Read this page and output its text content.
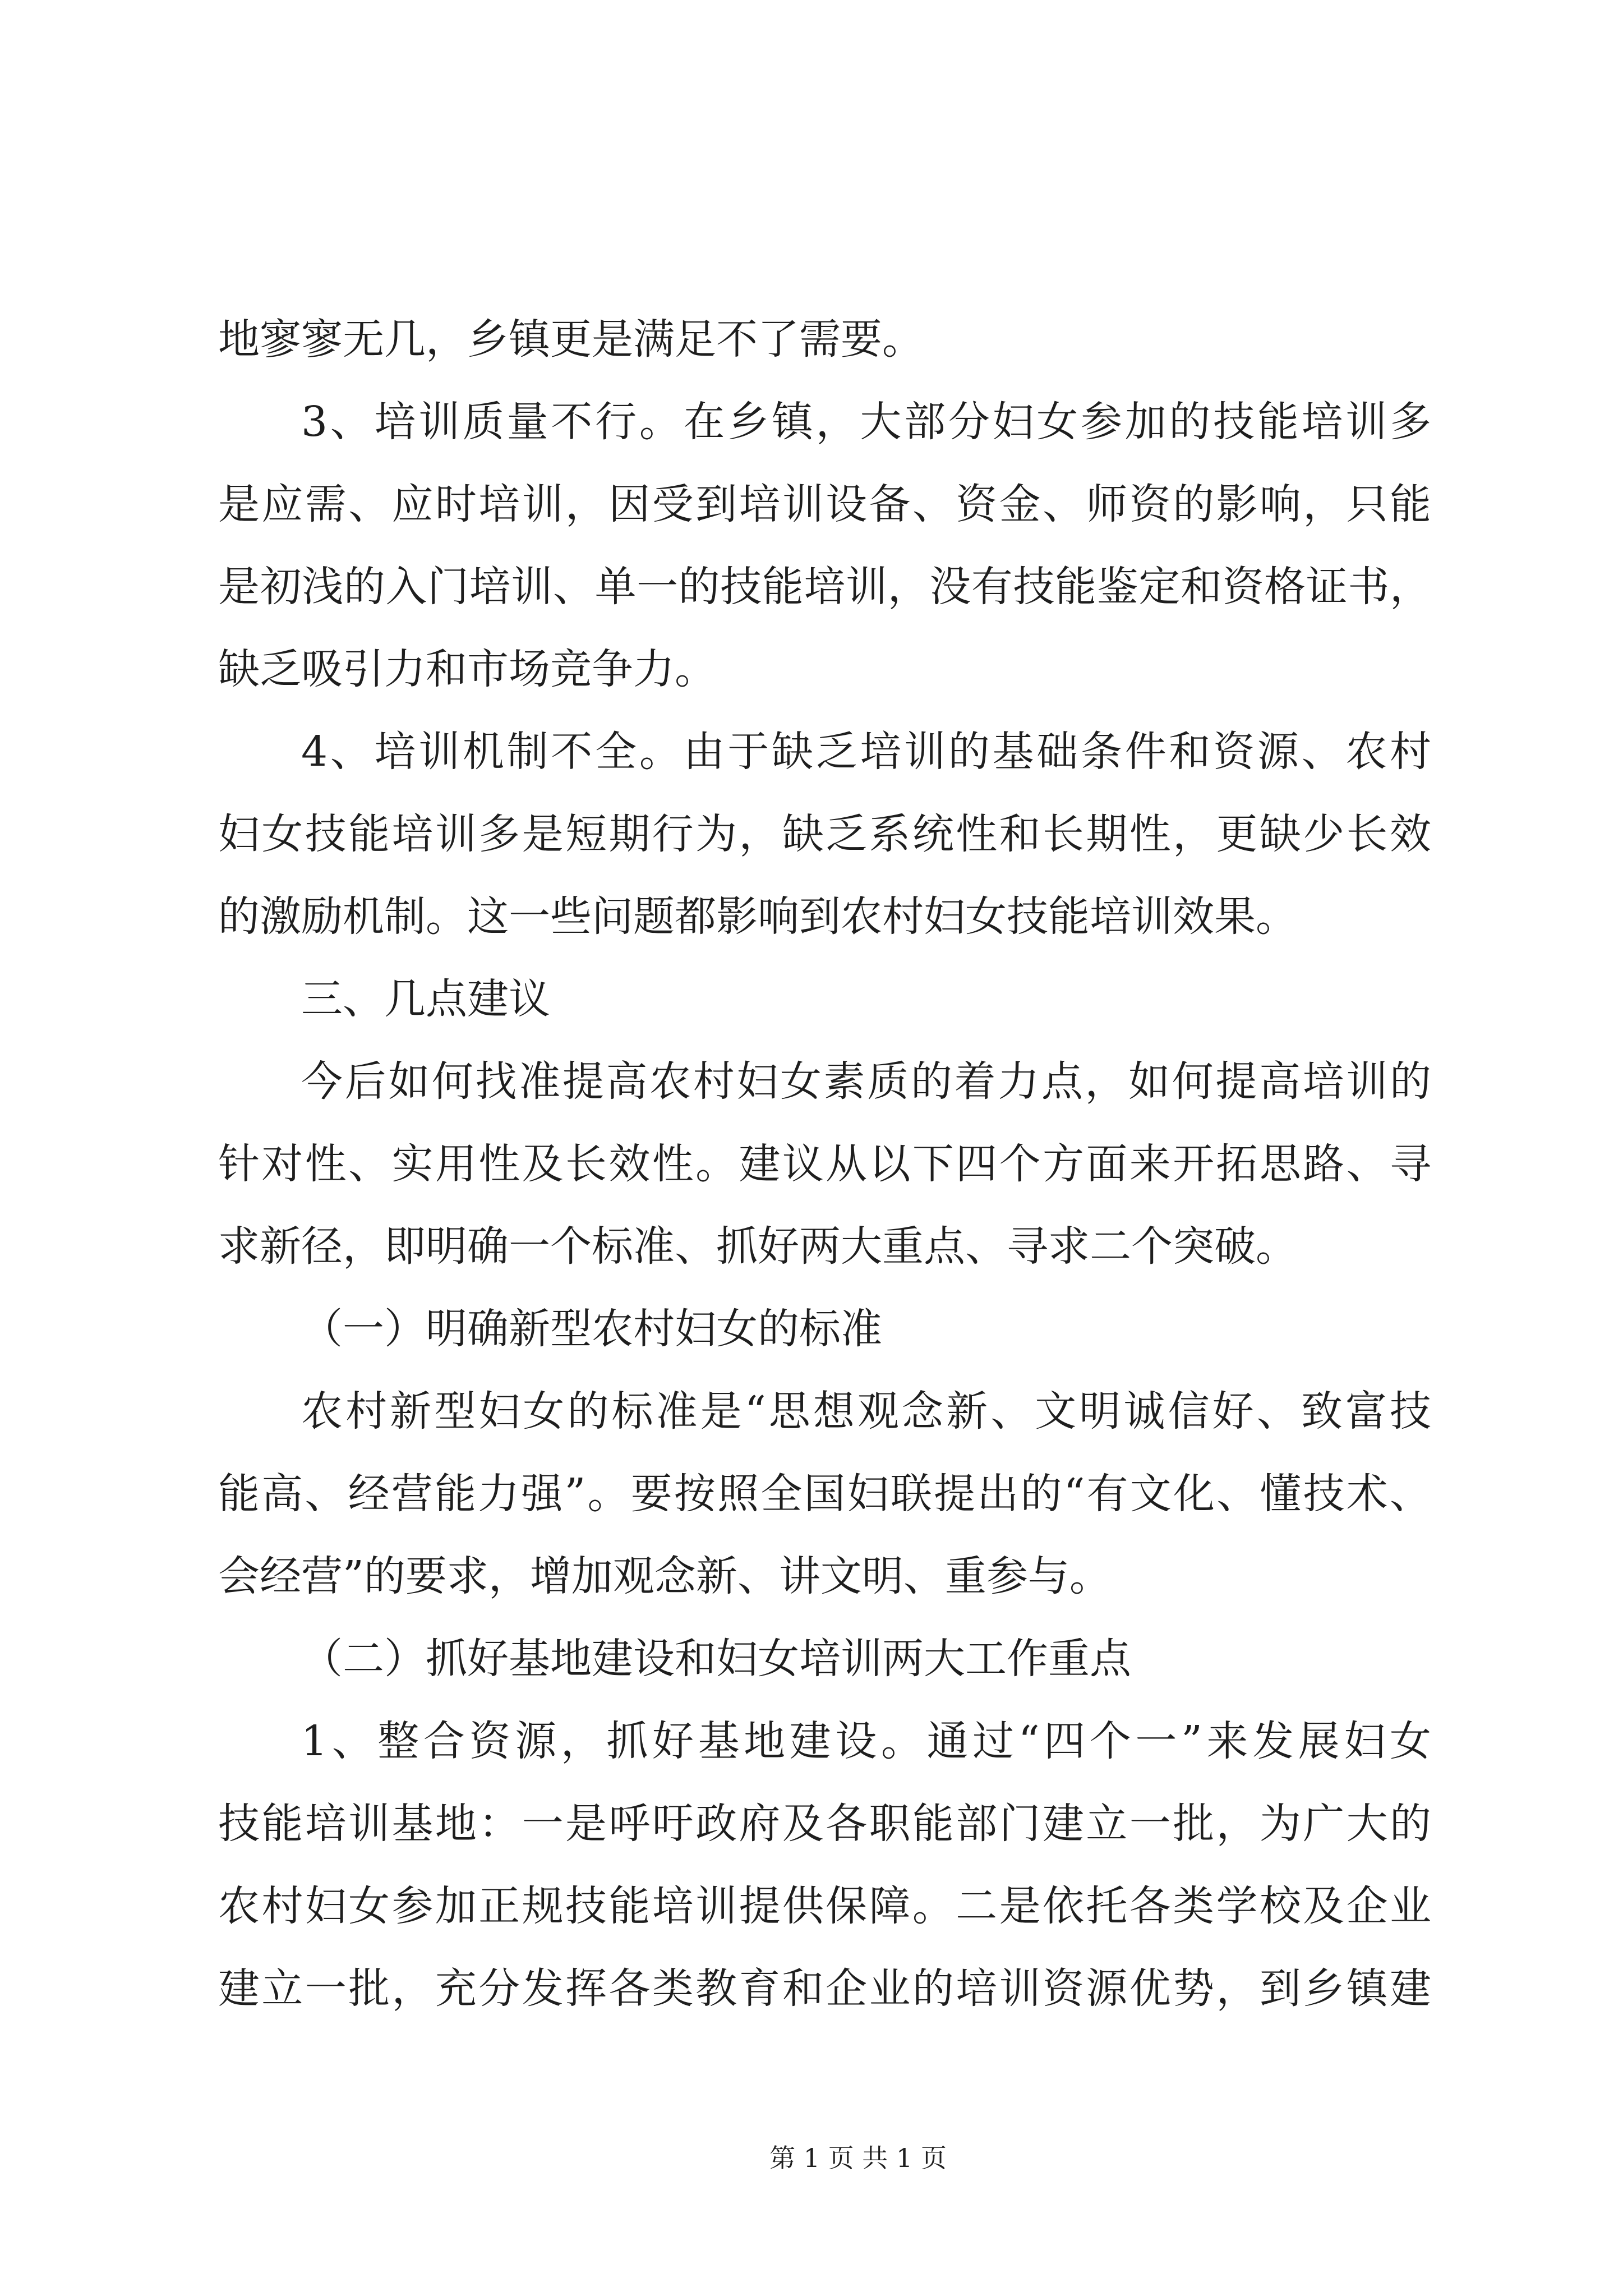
地寥寥无几，乡镇更是满足不了需要。
3、培训质量不行。在乡镇，大部分妇女参加的技能培训多
是应需、应时培训，因受到培训设备、资金、师资的影响，只能
是初浅的入门培训、单一的技能培训，没有技能鉴定和资格证书，
缺乏吸引力和市场竞争力。
4、培训机制不全。由于缺乏培训的基础条件和资源、农村
妇女技能培训多是短期行为，缺乏系统性和长期性，更缺少长效
的激励机制。这一些问题都影响到农村妇女技能培训效果。
三、几点建议
今后如何找准提高农村妇女素质的着力点，如何提高培训的
针对性、实用性及长效性。建议从以下四个方面来开拓思路、寻
求新径，即明确一个标准、抓好两大重点、寻求二个突破。
（一）明确新型农村妇女的标准
农村新型妇女的标准是“思想观念新、文明诚信好、致富技
能高、经营能力强”。要按照全国妇联提出的“有文化、懂技术、
会经营”的要求，增加观念新、讲文明、重参与。
（二）抓好基地建设和妇女培训两大工作重点
1、整合资源，抓好基地建设。通过“四个一”来发展妇女
技能培训基地：一是呼吁政府及各职能部门建立一批，为广大的
农村妇女参加正规技能培训提供保障。二是依托各类学校及企业
建立一批，充分发挥各类教育和企业的培训资源优势，到乡镇建
第 1 页 共 1 页
